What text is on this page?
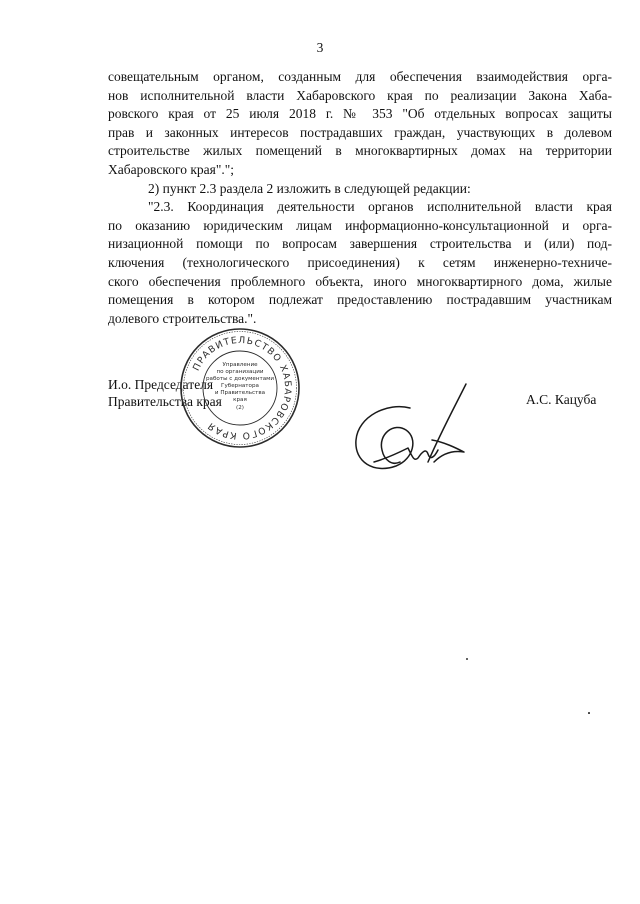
3
совещательным органом, созданным для обеспечения взаимодействия орга-
нов исполнительной власти Хабаровского края по реализации Закона Хаба-
ровского края от 25 июля 2018 г. № 353 "Об отдельных вопросах защиты
прав и законных интересов пострадавших граждан, участвующих в долевом
строительстве жилых помещений в многоквартирных домах на территории
Хабаровского края".";
2) пункт 2.3 раздела 2 изложить в следующей редакции:
"2.3. Координация деятельности органов исполнительной власти края
по оказанию юридическим лицам информационно-консультационной и орга-
низационной помощи по вопросам завершения строительства и (или) под-
ключения (технологического присоединения) к сетям инженерно-техниче-
ского обеспечения проблемного объекта, иного многоквартирного дома, жилые
помещения в котором подлежат предоставлению пострадавшим участникам
долевого строительства.".
И.о. Председателя
Правительства края	А.С. Кацуба
ПРАВИТЕЛЬСТВО ХАБАРОВСКОГО КРАЯ
Управление
по организации
работы с документами
Губернатора
и Правительства
края
(2)
